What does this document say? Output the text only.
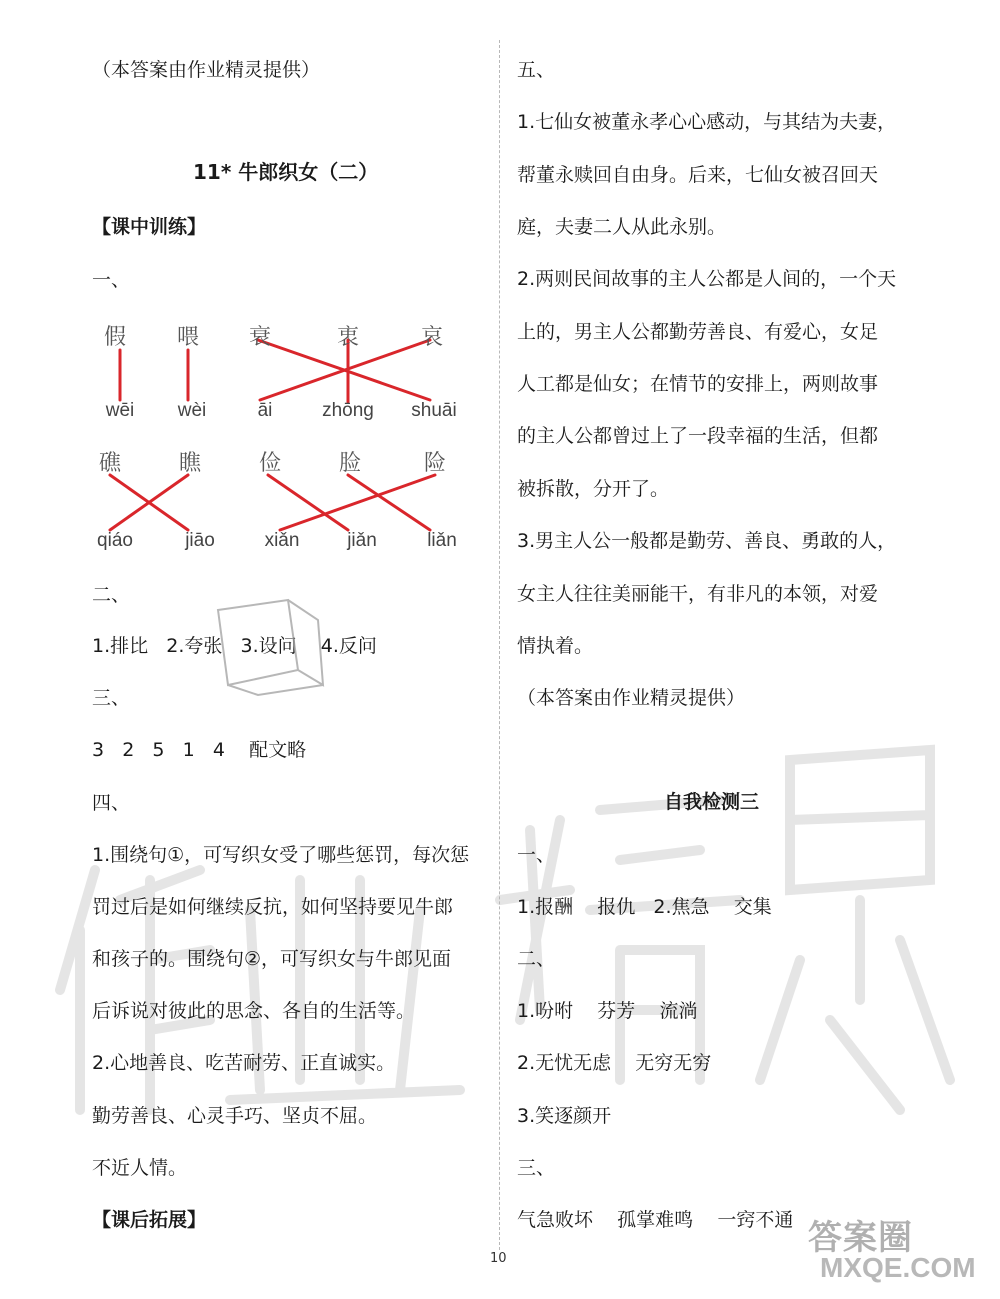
（本答案由作业精灵提供）
11* 牛郎织女（二）
【课中训练】
一、
假	喂	衰	衷	哀
wēi	wèi	āi	zhōng	shuāi
礁	瞧	俭	脸	险
qiáo	jiāo	xiǎn	jiǎn	liǎn
二、
1.排比   2.夸张   3.设问    4.反问
三、
3   2   5   1   4    配文略
四、
1.围绕句①，可写织女受了哪些惩罚，每次惩
罚过后是如何继续反抗，如何坚持要见牛郎
和孩子的。围绕句②，可写织女与牛郎见面
后诉说对彼此的思念、各自的生活等。
2.心地善良、吃苦耐劳、正直诚实。
勤劳善良、心灵手巧、坚贞不屈。
不近人情。
【课后拓展】
五、
1.七仙女被董永孝心心感动，与其结为夫妻，
帮董永赎回自由身。后来，七仙女被召回天
庭，夫妻二人从此永别。
2.两则民间故事的主人公都是人间的，一个天
上的，男主人公都勤劳善良、有爱心，女足
人工都是仙女；在情节的安排上，两则故事
的主人公都曾过上了一段幸福的生活，但都
被拆散，分开了。
3.男主人公一般都是勤劳、善良、勇敢的人，
女主人往往美丽能干，有非凡的本领，对爱
情执着。
（本答案由作业精灵提供）
自我检测三
一、
1.报酬    报仇   2.焦急    交集
二、
1.吩咐    芬芳    流淌
2.无忧无虑    无穷无穷
3.笑逐颜开
三、
气急败坏    孤掌难鸣    一窍不通 答案圈
MXQE.COM
10
